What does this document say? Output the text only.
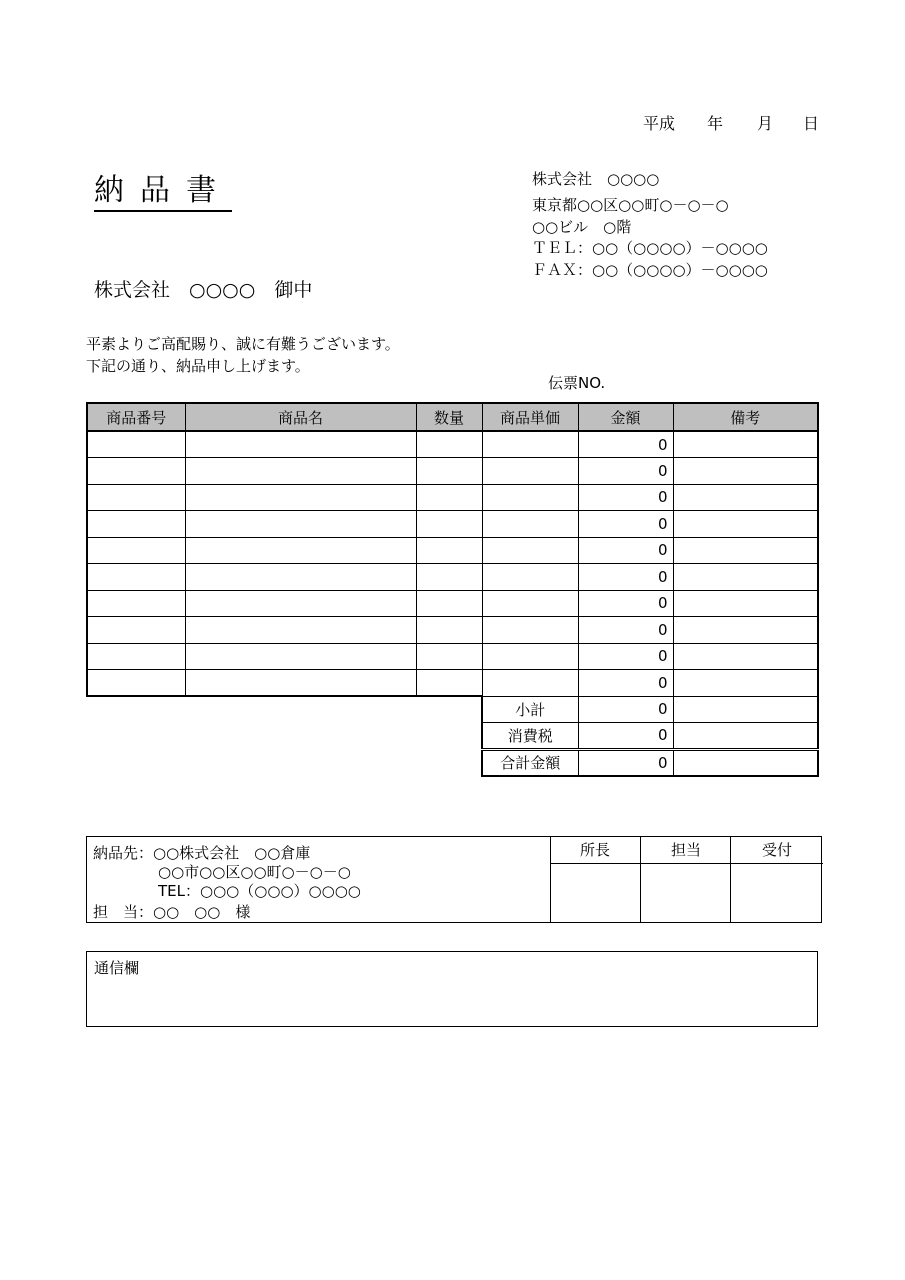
平成 年 月 日
納品書	株式会社　○○○○
東京都○○区○○町○－○－○
○○ビル　○階
ＴＥＬ：○○（○○○○）－○○○○
ＦＡＸ：○○（○○○○）－○○○○
株式会社　○○○○　御中
平素よりご高配賜り、誠に有難うございます。
下記の通り、納品申し上げます。
伝票NO.
商品番号	商品名	数量	商品単価	金額	備考
				0	
				0	
				0	
				0	
				0	
				0	
				0	
				0	
				0	
				0	
			小計	0	
			消費税	0	
			合計金額	0	
納品先：○○株式会社　○○倉庫
○○市○○区○○町○－○－○
TEL：○○○（○○○）○○○○
担　当：○○　○○　様
所長	担当	受付
通信欄
